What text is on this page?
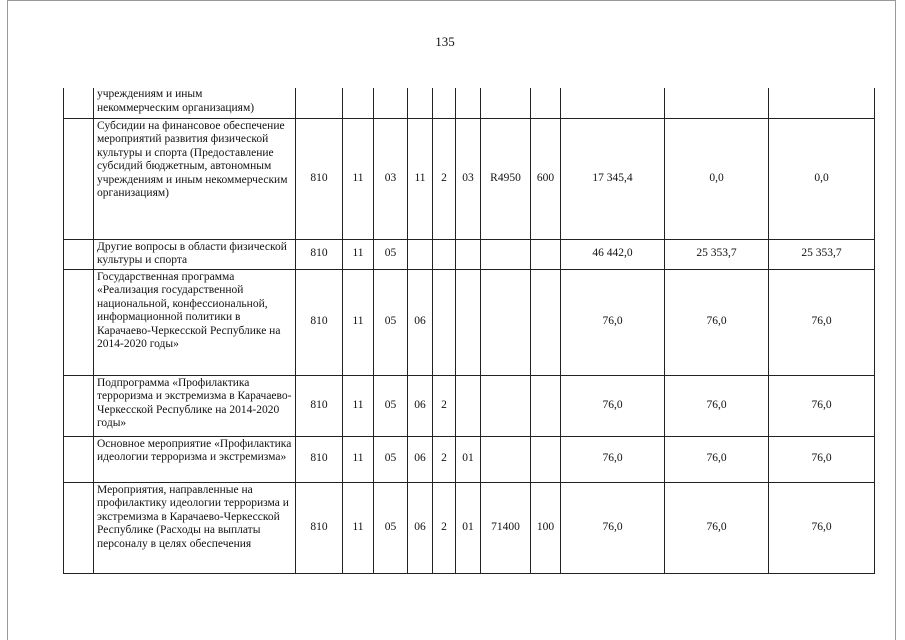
135
	учреждениям и иным
некоммерческим организациям)											
	Субсидии на финансовое обеспечение мероприятий развития физической культуры и спорта (Предоставление субсидий бюджетным, автономным учреждениям и иным некоммерческим организациям)	810	11	03	11	2	03	R4950	600	17 345,4	0,0	0,0
	Другие вопросы в области физической культуры и спорта	810	11	05						46 442,0	25 353,7	25 353,7
	Государственная программа «Реализация государственной национальной, конфессиональной, информационной политики в Карачаево-Черкесской Республике на 2014-2020 годы»	810	11	05	06					76,0	76,0	76,0
	Подпрограмма «Профилактика терроризма и экстремизма в Карачаево-Черкесской Республике на 2014-2020 годы»	810	11	05	06	2				76,0	76,0	76,0
	Основное мероприятие «Профилактика идеологии терроризма и экстремизма»	810	11	05	06	2	01			76,0	76,0	76,0
	Мероприятия, направленные на профилактику идеологии терроризма и экстремизма в Карачаево-Черкесской Республике (Расходы на выплаты персоналу в целях обеспечения	810	11	05	06	2	01	71400	100	76,0	76,0	76,0
